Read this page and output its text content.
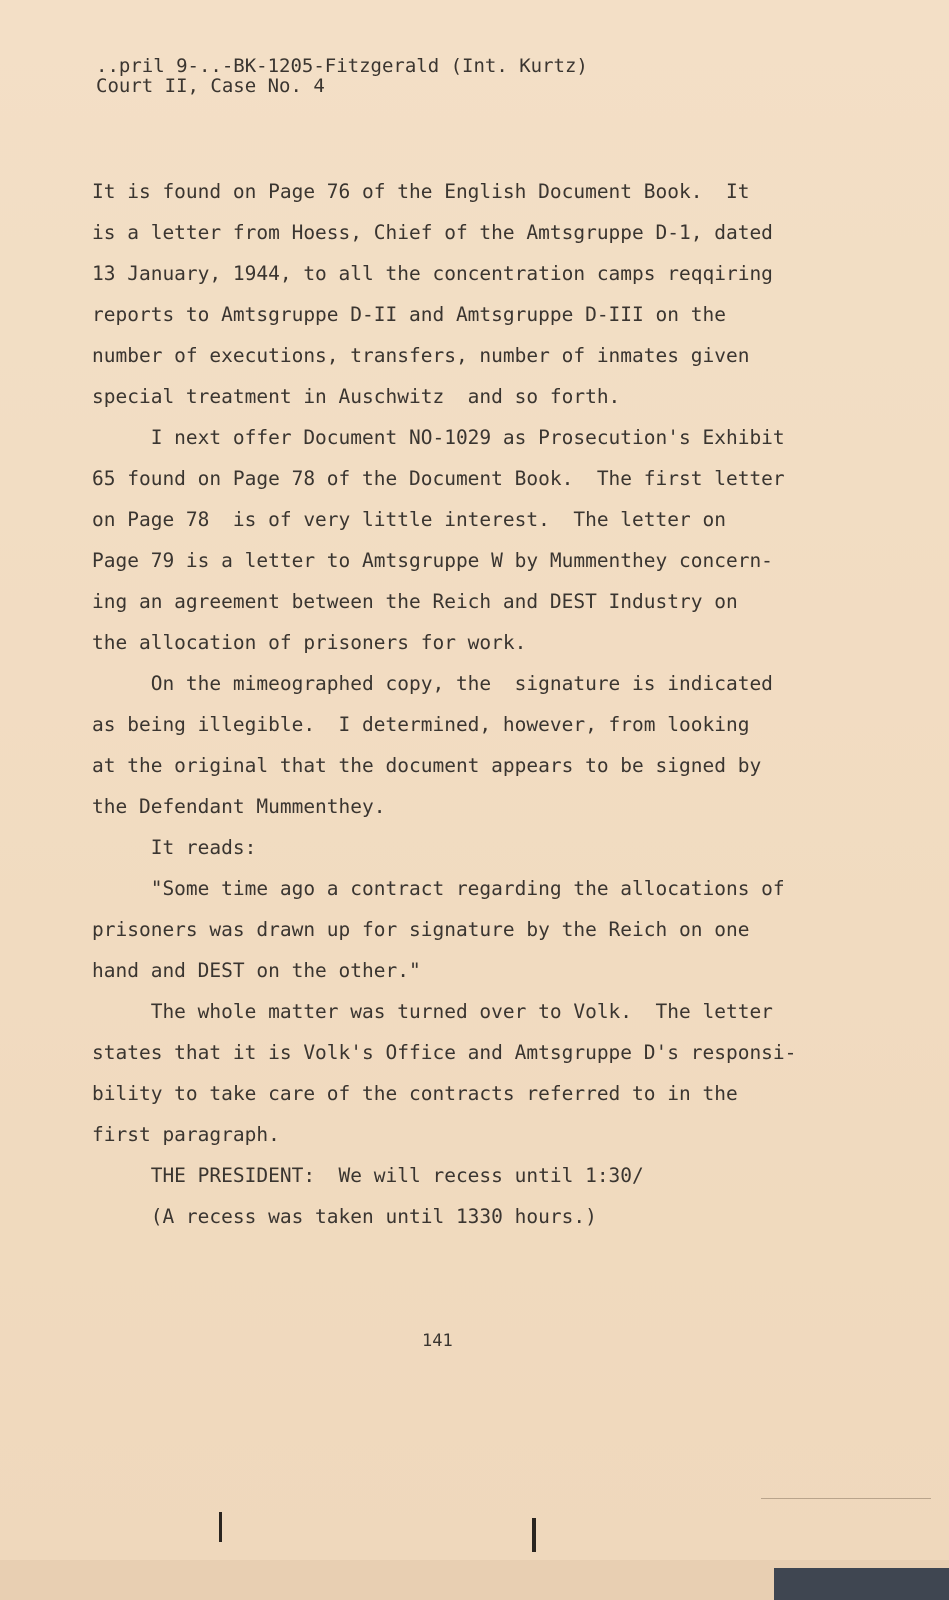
..pril 9-..-BK-1205-Fitzgerald (Int. Kurtz)
Court II, Case No. 4
It is found on Page 76 of the English Document Book.  It
is a letter from Hoess, Chief of the Amtsgruppe D-1, dated
13 January, 1944, to all the concentration camps reqqiring
reports to Amtsgruppe D-II and Amtsgruppe D-III on the
number of executions, transfers, number of inmates given
special treatment in Auschwitz  and so forth.
I next offer Document NO-1029 as Prosecution's Exhibit
65 found on Page 78 of the Document Book.  The first letter
on Page 78  is of very little interest.  The letter on
Page 79 is a letter to Amtsgruppe W by Mummenthey concern-
ing an agreement between the Reich and DEST Industry on
the allocation of prisoners for work.
On the mimeographed copy, the  signature is indicated
as being illegible.  I determined, however, from looking
at the original that the document appears to be signed by
the Defendant Mummenthey.
It reads:
"Some time ago a contract regarding the allocations of
prisoners was drawn up for signature by the Reich on one
hand and DEST on the other."
The whole matter was turned over to Volk.  The letter
states that it is Volk's Office and Amtsgruppe D's responsi-
bility to take care of the contracts referred to in the
first paragraph.
THE PRESIDENT:  We will recess until 1:30/
(A recess was taken until 1330 hours.)
141
